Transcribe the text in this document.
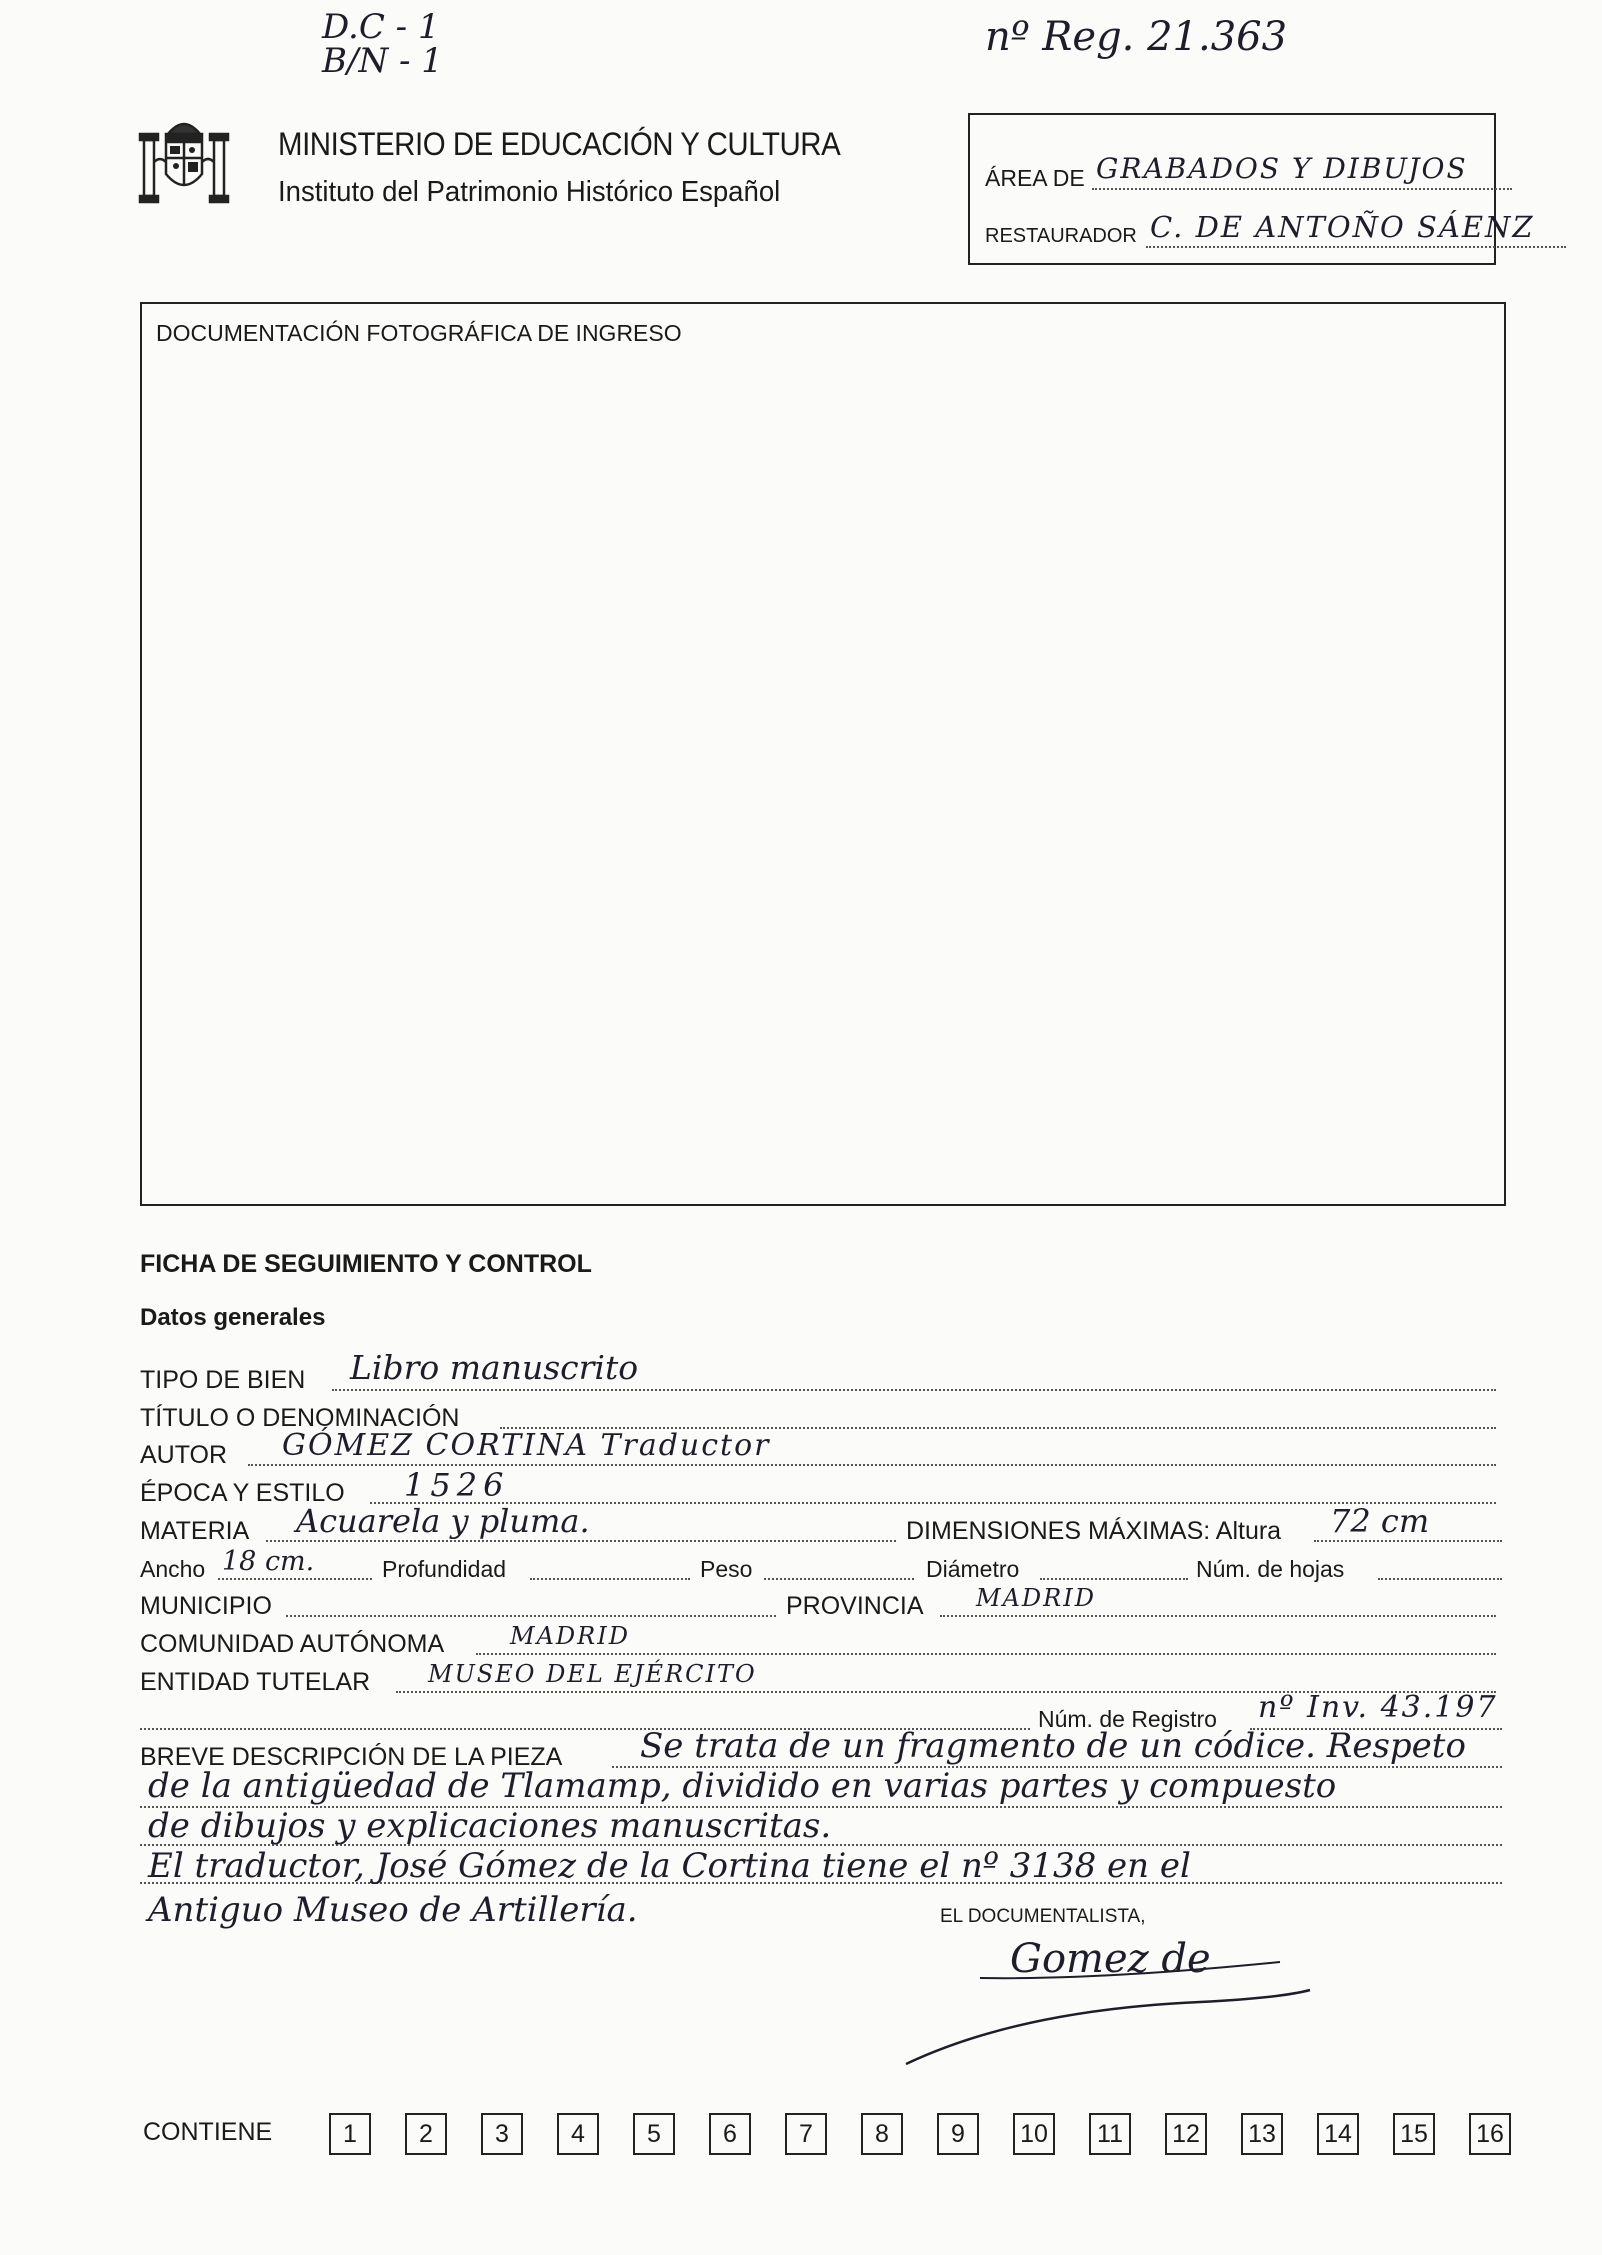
D.C - 1
B/N - 1
nº Reg. 21.363
MINISTERIO DE EDUCACIÓN Y CULTURA
Instituto del Patrimonio Histórico Español	ÁREA DE GRABADOS Y DIBUJOS
RESTAURADOR C. DE ANTOÑO SÁENZ
DOCUMENTACIÓN FOTOGRÁFICA DE INGRESO
FICHA DE SEGUIMIENTO Y CONTROL
Datos generales
TIPO DE BIEN Libro manuscrito
TÍTULO O DENOMINACIÓN
AUTOR GÓMEZ CORTINA Traductor
ÉPOCA Y ESTILO 1526
MATERIA Acuarela y pluma.	DIMENSIONES MÁXIMAS: Altura 72 cm
Ancho 18 cm.	Profundidad	Peso	Diámetro	Núm. de hojas
MUNICIPIO	PROVINCIA MADRID
COMUNIDAD AUTÓNOMA	MADRID
ENTIDAD TUTELAR MUSEO DEL EJÉRCITO
Núm. de Registro nº Inv. 43.197
BREVE DESCRIPCIÓN DE LA PIEZA Se trata de un fragmento de un códice. Respeto
de la antigüedad de Tlamamp, dividido en varias partes y compuesto
de dibujos y explicaciones manuscritas.
El traductor, José Gómez de la Cortina tiene el nº 3138 en el
Antiguo Museo de Artillería.	EL DOCUMENTALISTA,
Gomez de
CONTIENE	1	2	3	4	5	6	7	8	9	10	11	12 13 14 15 16
